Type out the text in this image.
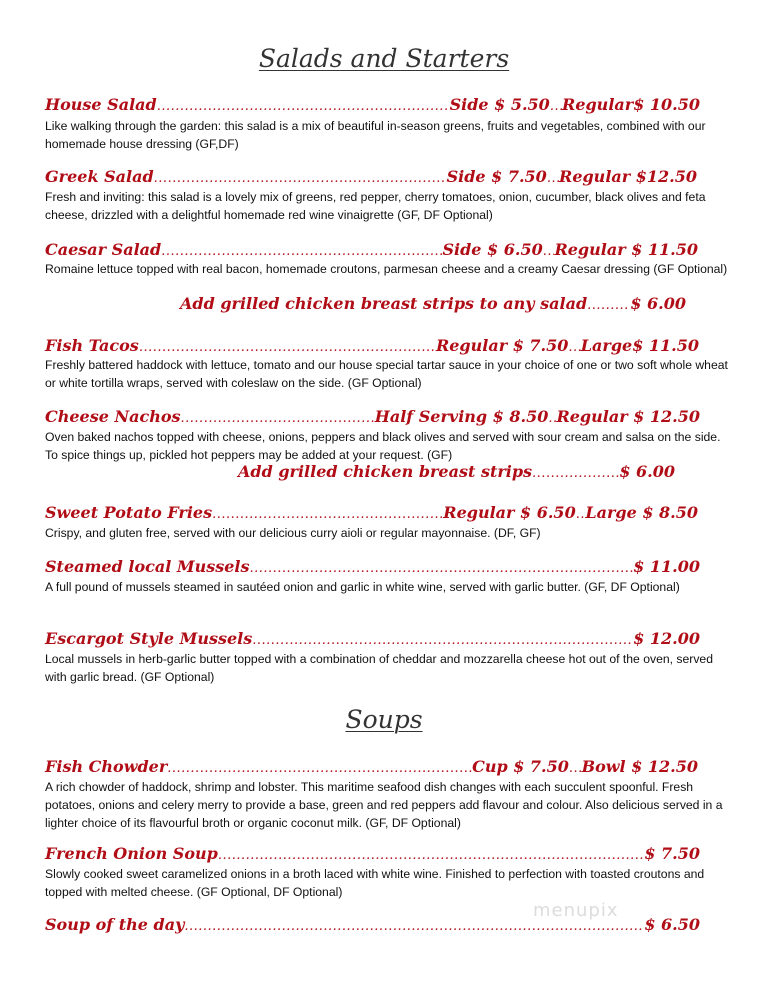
Salads and Starters
House Salad .....	Side $ 5.50 ..... Regular$ 10.50
Like walking through the garden: this salad is a mix of beautiful in-season greens, fruits and vegetables, combined with our homemade house dressing (GF,DF)
Greek Salad .....	Side $ 7.50 ..... Regular $12.50
Fresh and inviting: this salad is a lovely mix of greens, red pepper, cherry tomatoes, onion, cucumber, black olives and feta cheese, drizzled with a delightful homemade red wine vinaigrette (GF, DF Optional)
Caesar Salad .....	Side $ 6.50 ..... Regular $ 11.50
Romaine lettuce topped with real bacon, homemade croutons, parmesan cheese and a creamy Caesar dressing (GF Optional)
Add grilled chicken breast strips to any salad .....	$ 6.00
Fish Tacos .....	Regular $ 7.50 ..... Large $ 11.50
Freshly battered haddock with lettuce, tomato and our house special tartar sauce in your choice of one or two soft whole wheat or white tortilla wraps, served with coleslaw on the side. (GF Optional)
Cheese Nachos .....	Half Serving $ 8.50 ..... Regular $ 12.50
Oven baked nachos topped with cheese, onions, peppers and black olives and served with sour cream and salsa on the side. To spice things up, pickled hot peppers may be added at your request. (GF)
Add grilled chicken breast strips .....	$ 6.00
Sweet Potato Fries .....	Regular $ 6.50 ..... Large $ 8.50
Crispy, and gluten free, served with our delicious curry aioli or regular mayonnaise. (DF, GF)
Steamed local Mussels .....	$ 11.00
A full pound of mussels steamed in sautéed onion and garlic in white wine, served with garlic butter. (GF, DF Optional)
Escargot Style Mussels .....	$ 12.00
Local mussels in herb-garlic butter topped with a combination of cheddar and mozzarella cheese hot out of the oven, served with garlic bread. (GF Optional)
Soups
Fish Chowder .....	Cup $ 7.50 ..... Bowl $ 12.50
A rich chowder of haddock, shrimp and lobster. This maritime seafood dish changes with each succulent spoonful. Fresh potatoes, onions and celery merry to provide a base, green and red peppers add flavour and colour. Also delicious served in a lighter choice of its flavourful broth or organic coconut milk. (GF, DF Optional)
French Onion Soup .....	$ 7.50
Slowly cooked sweet caramelized onions in a broth laced with white wine. Finished to perfection with toasted croutons and topped with melted cheese. (GF Optional, DF Optional)
Soup of the day .....	$ 6.50
menupix
